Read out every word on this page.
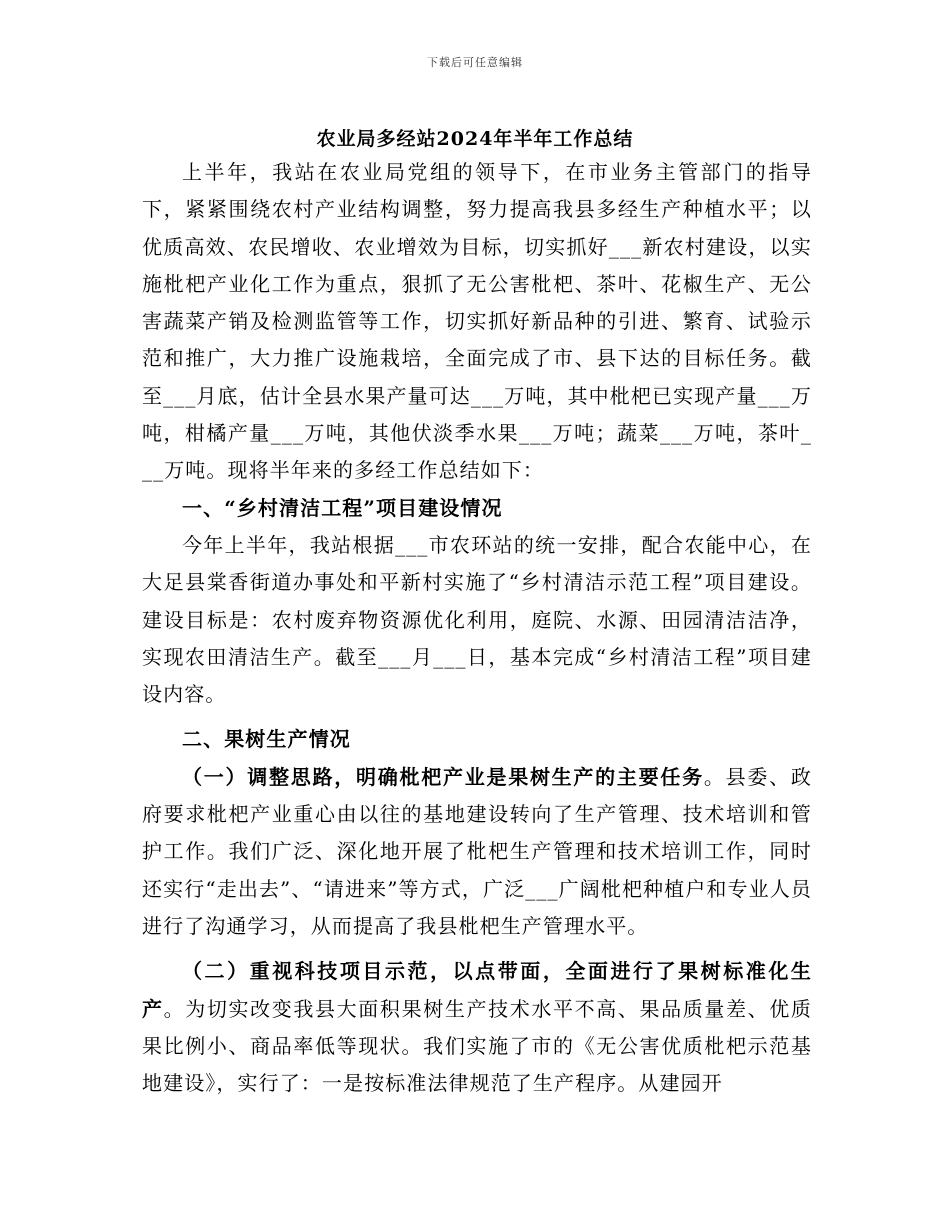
下载后可任意编辑
农业局多经站2024年半年工作总结

上半年，我站在农业局党组的领导下，在市业务主管部门的指导下，紧紧围绕农村产业结构调整，努力提高我县多经生产种植水平；以优质高效、农民增收、农业增效为目标，切实抓好___新农村建设，以实施枇杷产业化工作为重点，狠抓了无公害枇杷、茶叶、花椒生产、无公害蔬菜产销及检测监管等工作，切实抓好新品种的引进、繁育、试验示范和推广，大力推广设施栽培，全面完成了市、县下达的目标任务。截至___月底，估计全县水果产量可达___万吨，其中枇杷已实现产量___万吨，柑橘产量___万吨，其他伏淡季水果___万吨；蔬菜___万吨，茶叶___万吨。现将半年来的多经工作总结如下：

一、“乡村清洁工程”项目建设情况

今年上半年，我站根据___市农环站的统一安排，配合农能中心，在大足县棠香街道办事处和平新村实施了“乡村清洁示范工程”项目建设。建设目标是：农村废弃物资源优化利用，庭院、水源、田园清洁洁净，实现农田清洁生产。截至___月___日，基本完成“乡村清洁工程”项目建设内容。

二、果树生产情况

（一）调整思路，明确枇杷产业是果树生产的主要任务。县委、政府要求枇杷产业重心由以往的基地建设转向了生产管理、技术培训和管护工作。我们广泛、深化地开展了枇杷生产管理和技术培训工作，同时还实行“走出去”、“请进来”等方式，广泛___广阔枇杷种植户和专业人员进行了沟通学习，从而提高了我县枇杷生产管理水平。

（二）重视科技项目示范，以点带面，全面进行了果树标准化生产。为切实改变我县大面积果树生产技术水平不高、果品质量差、优质果比例小、商品率低等现状。我们实施了市的《无公害优质枇杷示范基地建设》，实行了：一是按标准法律规范了生产程序。从建园开
